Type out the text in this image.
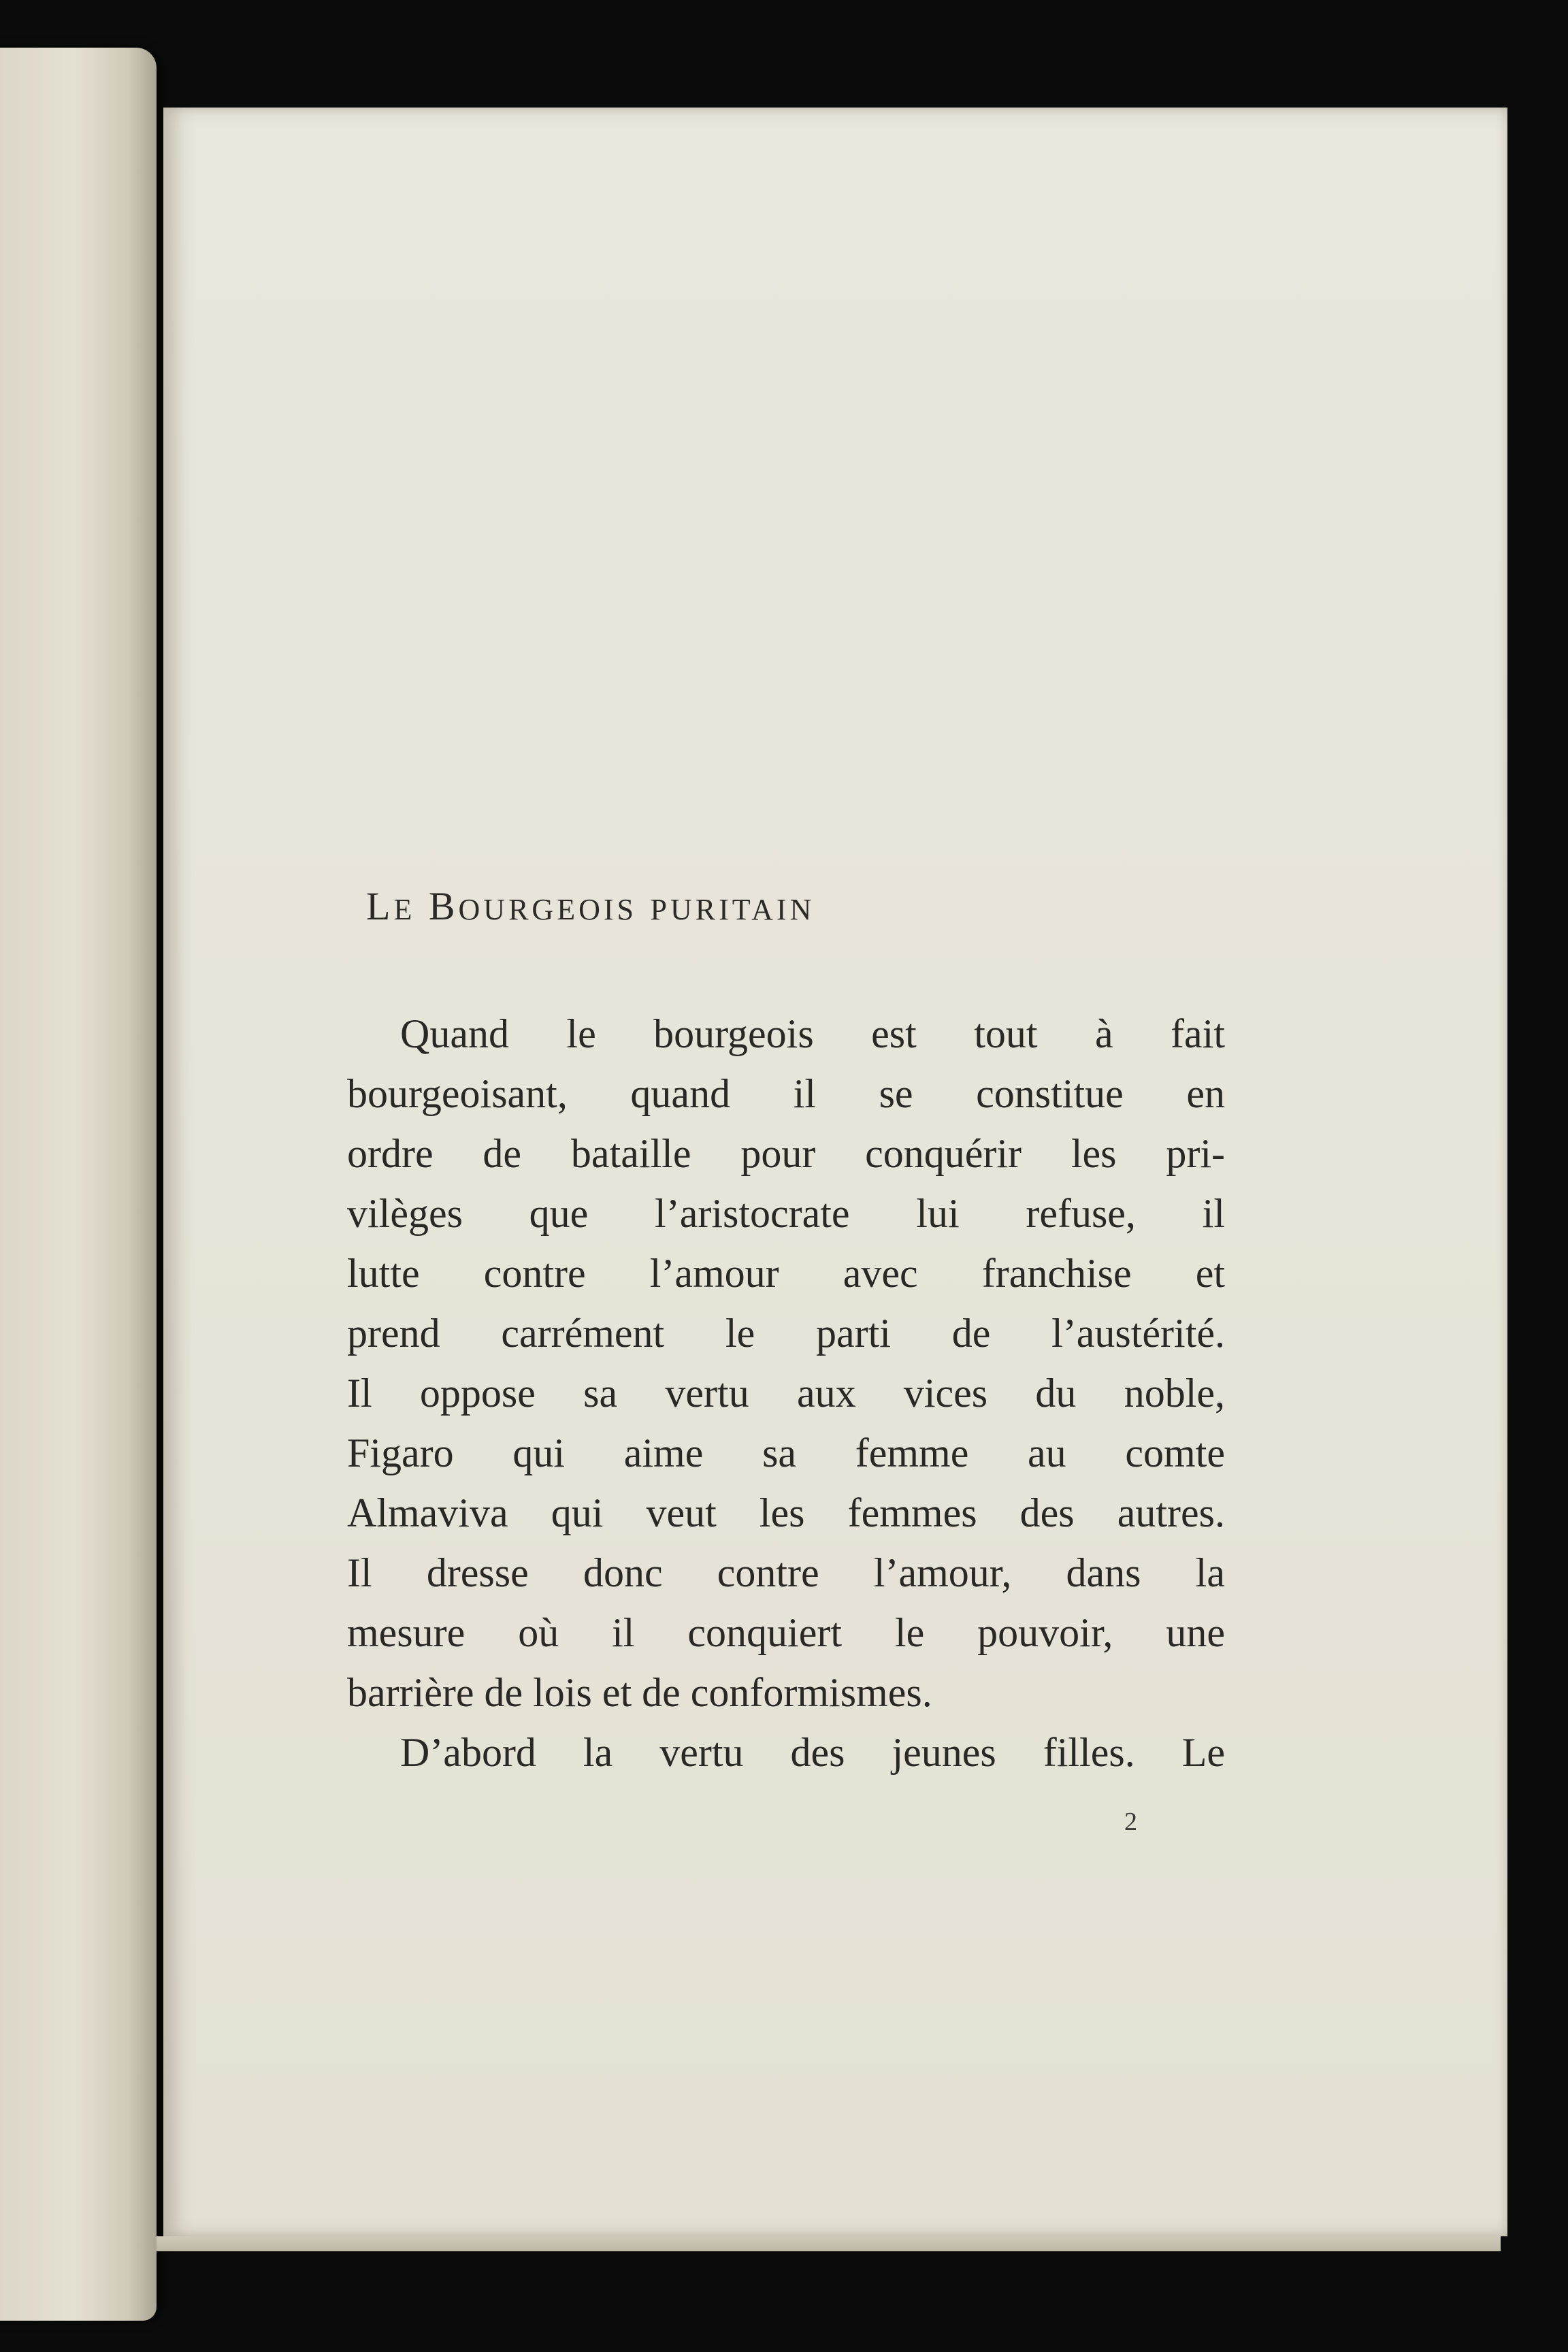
LE BOURGEOIS PURITAIN
Quand le bourgeois est tout à fait
bourgeoisant, quand il se constitue en
ordre de bataille pour conquérir les pri-
vilèges que l’aristocrate lui refuse, il
lutte contre l’amour avec franchise et
prend carrément le parti de l’austérité.
Il oppose sa vertu aux vices du noble,
Figaro qui aime sa femme au comte
Almaviva qui veut les femmes des autres.
Il dresse donc contre l’amour, dans la
mesure où il conquiert le pouvoir, une
barrière de lois et de conformismes.
D’abord la vertu des jeunes filles. Le
2
